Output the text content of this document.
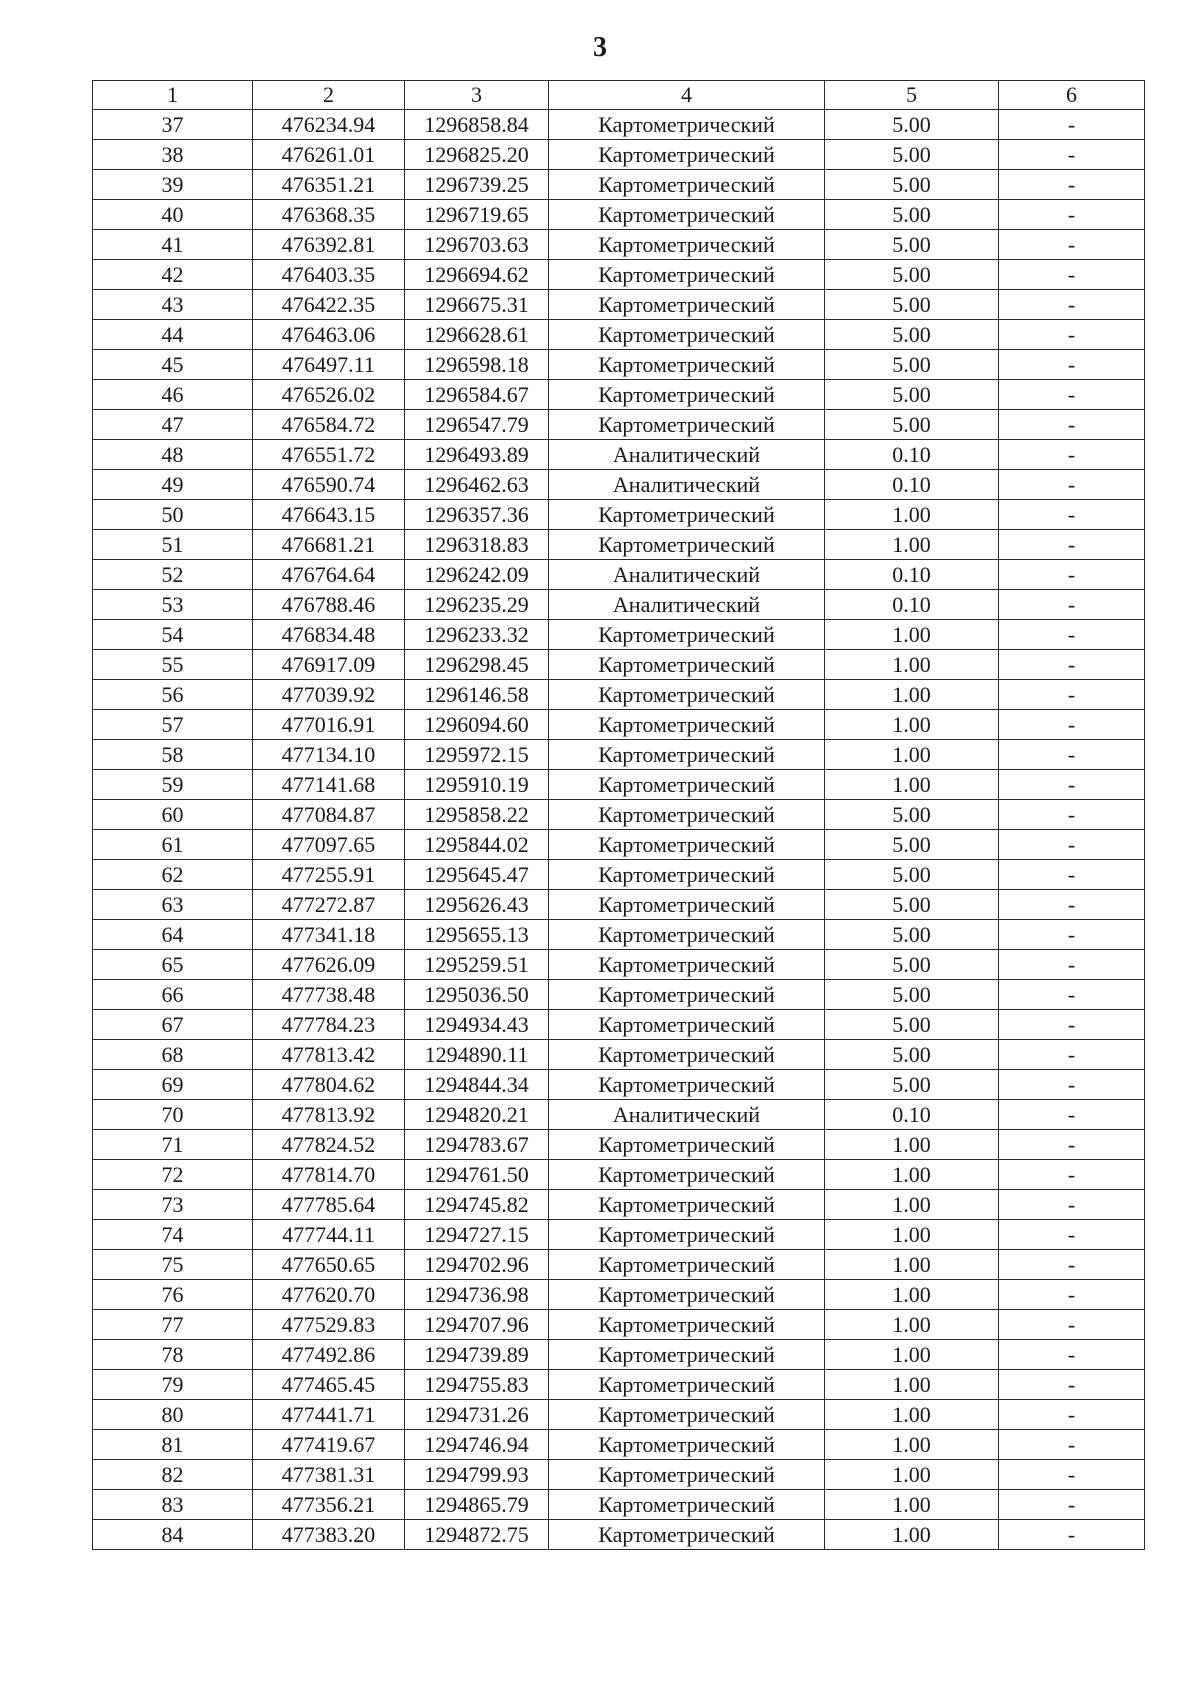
3
1	2	3	4	5	6
37	476234.94	1296858.84	Картометрический	5.00	-
38	476261.01	1296825.20	Картометрический	5.00	-
39	476351.21	1296739.25	Картометрический	5.00	-
40	476368.35	1296719.65	Картометрический	5.00	-
41	476392.81	1296703.63	Картометрический	5.00	-
42	476403.35	1296694.62	Картометрический	5.00	-
43	476422.35	1296675.31	Картометрический	5.00	-
44	476463.06	1296628.61	Картометрический	5.00	-
45	476497.11	1296598.18	Картометрический	5.00	-
46	476526.02	1296584.67	Картометрический	5.00	-
47	476584.72	1296547.79	Картометрический	5.00	-
48	476551.72	1296493.89	Аналитический	0.10	-
49	476590.74	1296462.63	Аналитический	0.10	-
50	476643.15	1296357.36	Картометрический	1.00	-
51	476681.21	1296318.83	Картометрический	1.00	-
52	476764.64	1296242.09	Аналитический	0.10	-
53	476788.46	1296235.29	Аналитический	0.10	-
54	476834.48	1296233.32	Картометрический	1.00	-
55	476917.09	1296298.45	Картометрический	1.00	-
56	477039.92	1296146.58	Картометрический	1.00	-
57	477016.91	1296094.60	Картометрический	1.00	-
58	477134.10	1295972.15	Картометрический	1.00	-
59	477141.68	1295910.19	Картометрический	1.00	-
60	477084.87	1295858.22	Картометрический	5.00	-
61	477097.65	1295844.02	Картометрический	5.00	-
62	477255.91	1295645.47	Картометрический	5.00	-
63	477272.87	1295626.43	Картометрический	5.00	-
64	477341.18	1295655.13	Картометрический	5.00	-
65	477626.09	1295259.51	Картометрический	5.00	-
66	477738.48	1295036.50	Картометрический	5.00	-
67	477784.23	1294934.43	Картометрический	5.00	-
68	477813.42	1294890.11	Картометрический	5.00	-
69	477804.62	1294844.34	Картометрический	5.00	-
70	477813.92	1294820.21	Аналитический	0.10	-
71	477824.52	1294783.67	Картометрический	1.00	-
72	477814.70	1294761.50	Картометрический	1.00	-
73	477785.64	1294745.82	Картометрический	1.00	-
74	477744.11	1294727.15	Картометрический	1.00	-
75	477650.65	1294702.96	Картометрический	1.00	-
76	477620.70	1294736.98	Картометрический	1.00	-
77	477529.83	1294707.96	Картометрический	1.00	-
78	477492.86	1294739.89	Картометрический	1.00	-
79	477465.45	1294755.83	Картометрический	1.00	-
80	477441.71	1294731.26	Картометрический	1.00	-
81	477419.67	1294746.94	Картометрический	1.00	-
82	477381.31	1294799.93	Картометрический	1.00	-
83	477356.21	1294865.79	Картометрический	1.00	-
84	477383.20	1294872.75	Картометрический	1.00	-
